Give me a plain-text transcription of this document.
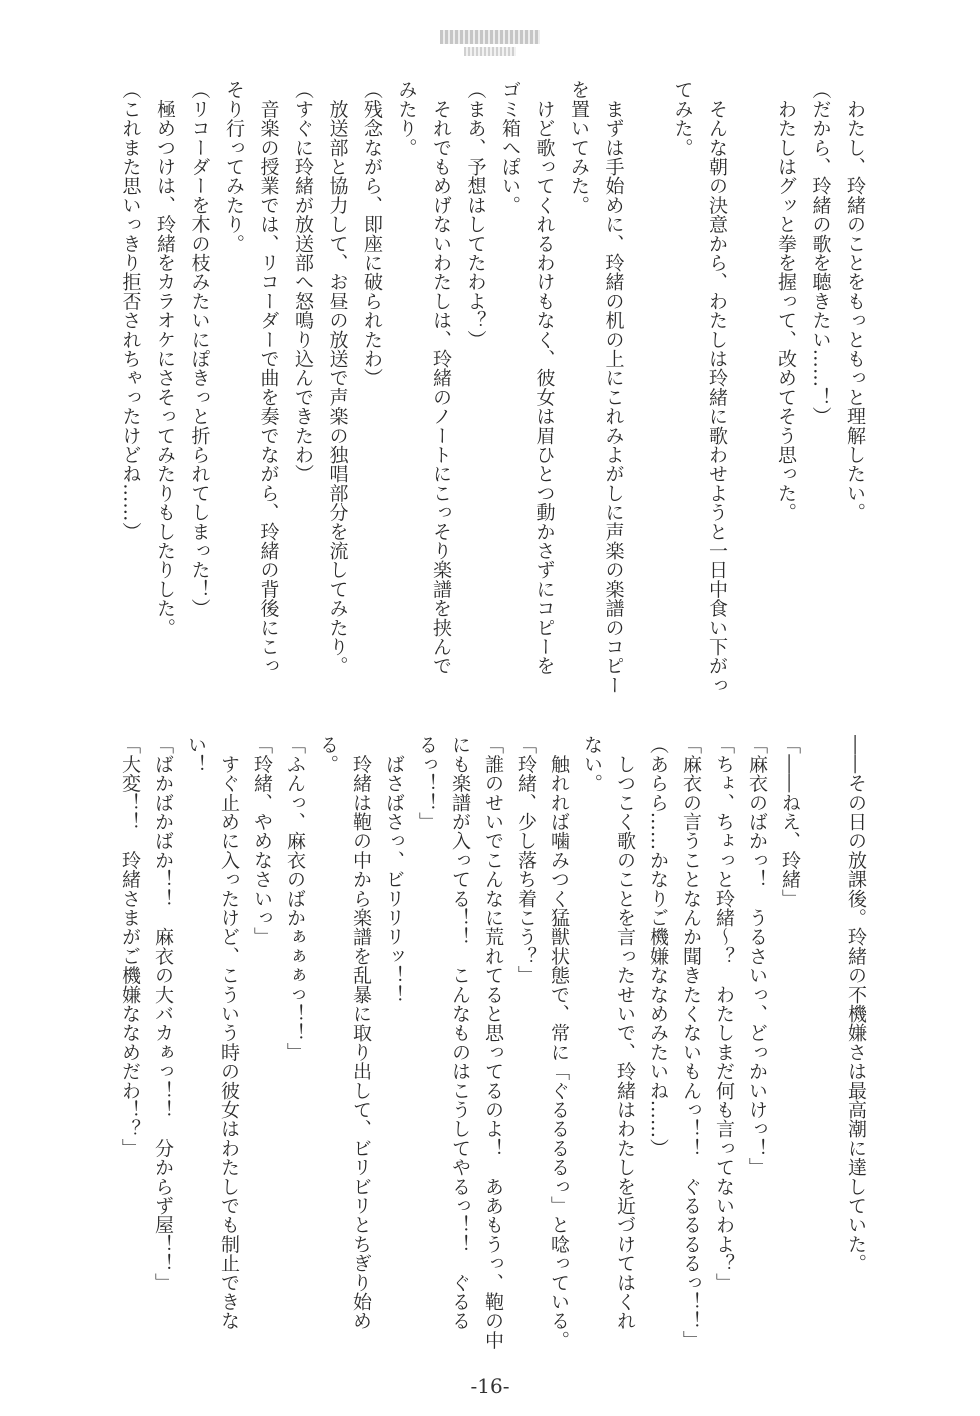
　わたし、玲緒のことをもっともっと理解したい。
（だから、玲緒の歌を聴きたい……！）
　わたしはグッと拳を握って、改めてそう思った。

　そんな朝の決意から、わたしは玲緒に歌わせようと一日中食い下がっ
てみた。

　まずは手始めに、玲緒の机の上にこれみよがしに声楽の楽譜のコピー
を置いてみた。
　けど歌ってくれるわけもなく、彼女は眉ひとつ動かさずにコピーを
ゴミ箱へぽい。
（まあ、予想はしてたわよ？）
　それでもめげないわたしは、玲緒のノートにこっそり楽譜を挟んで
みたり。
（残念ながら、即座に破られたわ）
　放送部と協力して、お昼の放送で声楽の独唱部分を流してみたり。
（すぐに玲緒が放送部へ怒鳴り込んできたわ）
　音楽の授業では、リコーダーで曲を奏でながら、玲緒の背後にこっ
そり行ってみたり。
（リコーダーを木の枝みたいにぽきっと折られてしまった！）
　極めつけは、玲緒をカラオケにさそってみたりもしたりした。
（これまた思いっきり拒否されちゃったけどね……）
――その日の放課後。玲緒の不機嫌さは最高潮に達していた。

「――ねえ、玲緒」
「麻衣のばかっ！　うるさいっ、どっかいけっ！」
「ちょ、ちょっと玲緒～？　わたしまだ何も言ってないわよ？」
「麻衣の言うことなんか聞きたくないもんっ！！　ぐるるるるっ！！」
（あらら……かなりご機嫌ななめみたいね……）
　しつこく歌のことを言ったせいで、玲緒はわたしを近づけてはくれ
ない。
　触れれば噛みつく猛獣状態で、常に「ぐるるるるっ」と唸っている。
「玲緒、少し落ち着こう？」
「誰のせいでこんなに荒れてると思ってるのよ！　ああもうっ、鞄の中
にも楽譜が入ってる！！　こんなものはこうしてやるっ！！　ぐるる
るっ！！」
　ばさばさっ、ビリリリッ！！
　玲緒は鞄の中から楽譜を乱暴に取り出して、ビリビリとちぎり始め
る。
「ふんっ、麻衣のばかぁぁぁっ！！」
「玲緒、やめなさいっ」
　すぐ止めに入ったけど、こういう時の彼女はわたしでも制止できな
い！
「ばかばかばか！！　麻衣の大バカぁっ！！　分からず屋！！」
「大変！！　玲緒さまがご機嫌ななめだわ！？」
-16-
